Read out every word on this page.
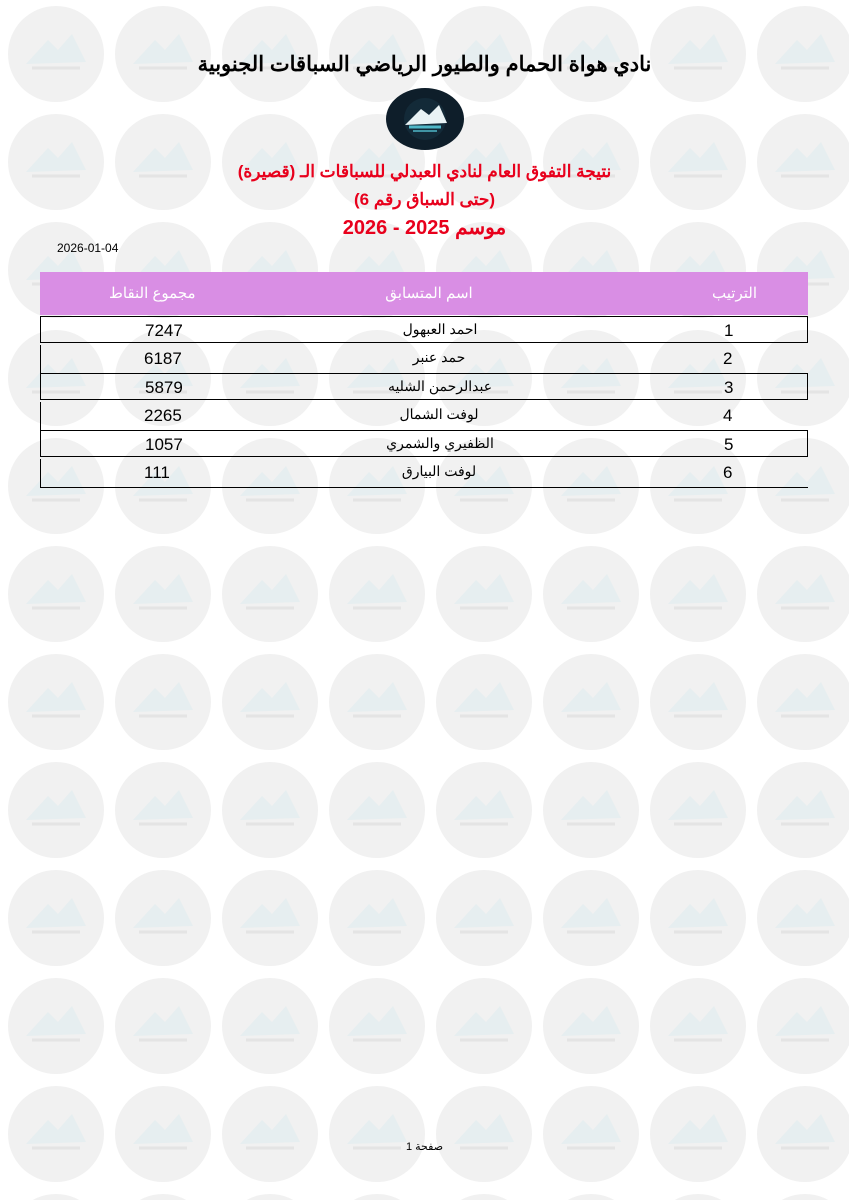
نادي هواة الحمام والطيور الرياضي السباقات الجنوبية
نتيجة التفوق العام لنادي العبدلي للسباقات الـ (قصيرة)
(حتى السباق رقم 6)
موسم 2025 - 2026
2026-01-04
الترتيب
اسم المتسابق
مجموع النقاط
1
احمد العبهول
7247
2
حمد عنبر
6187
3
عبدالرحمن الشليه
5879
4
لوفت الشمال
2265
5
الظفيري والشمري
1057
6
لوفت البيارق
111
صفحة 1
